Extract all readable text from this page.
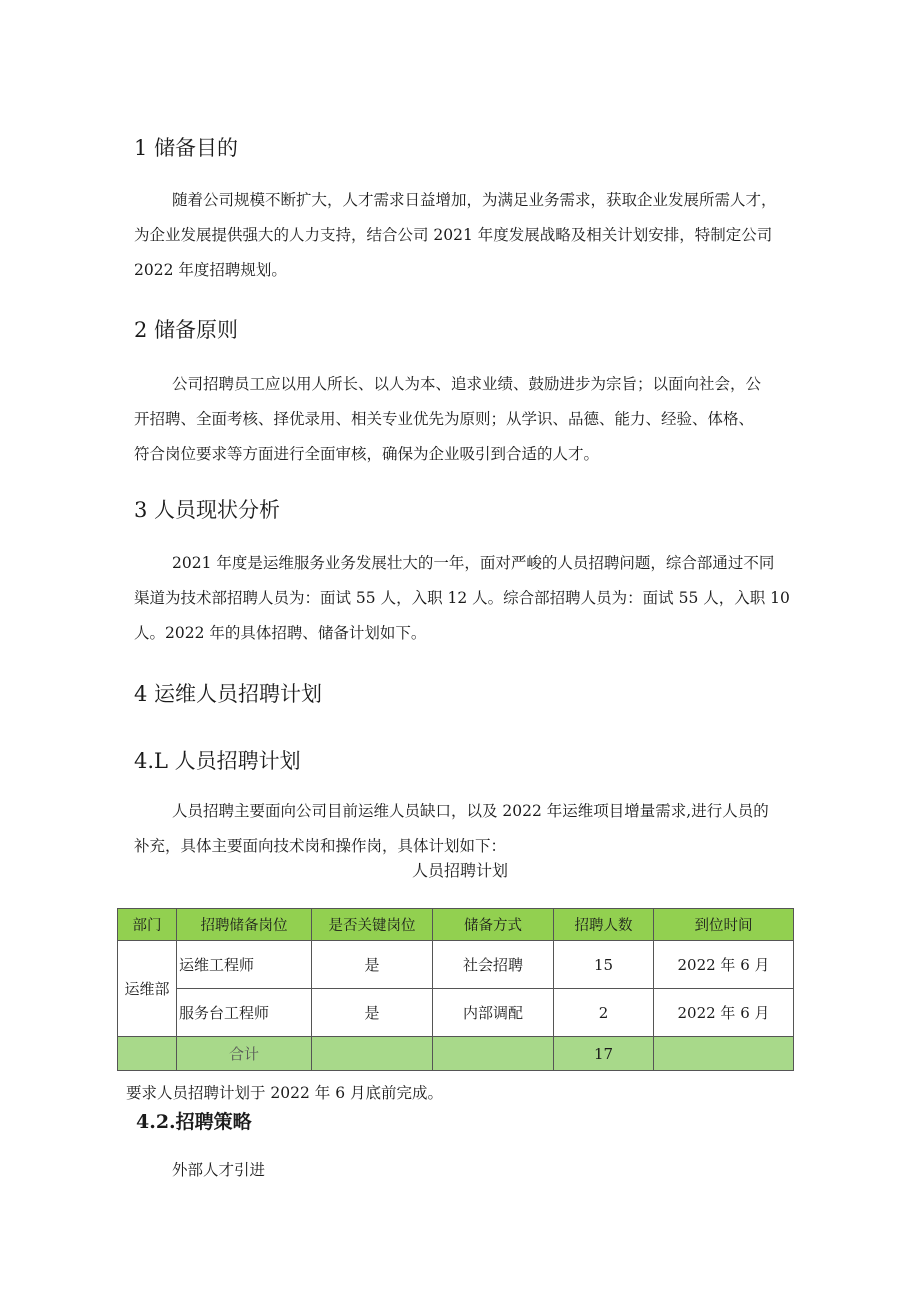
1 储备目的
随着公司规模不断扩大，人才需求日益增加，为满足业务需求，获取企业发展所需人才，
为企业发展提供强大的人力支持，结合公司 2021 年度发展战略及相关计划安排，特制定公司
2022 年度招聘规划。
2 储备原则
公司招聘员工应以用人所长、以人为本、追求业绩、鼓励进步为宗旨；以面向社会，公
开招聘、全面考核、择优录用、相关专业优先为原则；从学识、品德、能力、经验、体格、
符合岗位要求等方面进行全面审核，确保为企业吸引到合适的人才。
3 人员现状分析
2021 年度是运维服务业务发展壮大的一年，面对严峻的人员招聘问题，综合部通过不同
渠道为技术部招聘人员为：面试 55 人，入职 12 人。综合部招聘人员为：面试 55 人，入职 10
人。2022 年的具体招聘、储备计划如下。
4 运维人员招聘计划
4.L 人员招聘计划
人员招聘主要面向公司目前运维人员缺口，以及 2022 年运维项目增量需求,进行人员的
补充，具体主要面向技术岗和操作岗，具体计划如下：
人员招聘计划
部门	招聘储备岗位	是否关键岗位	储备方式	招聘人数	到位时间
运维部	运维工程师	是	社会招聘	15	2022 年 6 月
	服务台工程师	是	内部调配	2	2022 年 6 月
	合计			17	
要求人员招聘计划于 2022 年 6 月底前完成。
4.2.招聘策略
外部人才引进
